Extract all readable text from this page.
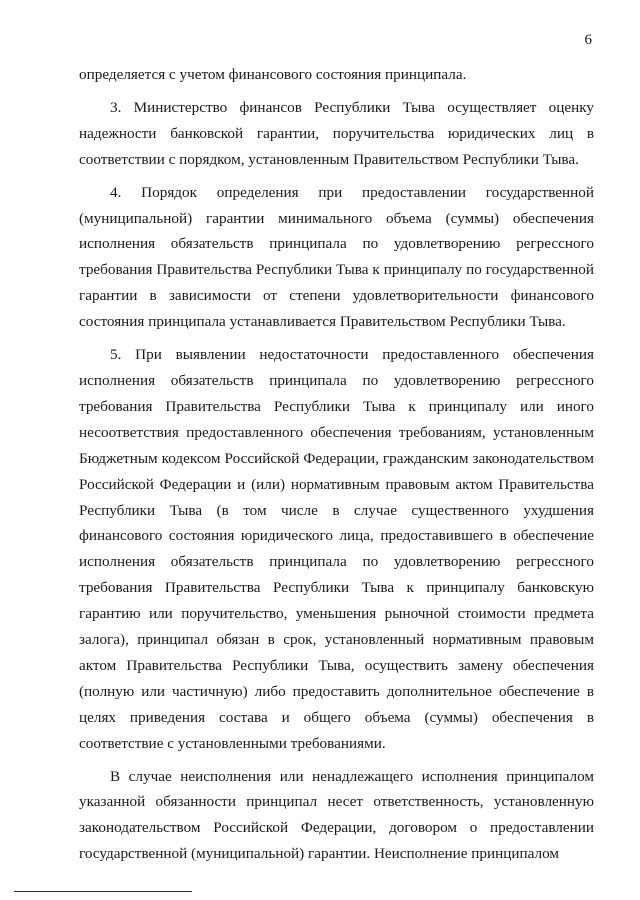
6

определяется с учетом финансового состояния принципала.

3. Министерство финансов Республики Тыва осуществляет оценку надежности банковской гарантии, поручительства юридических лиц в соответствии с порядком, установленным Правительством Республики Тыва.

4. Порядок определения при предоставлении государственной (муниципальной) гарантии минимального объема (суммы) обеспечения исполнения обязательств принципала по удовлетворению регрессного требования Правительства Республики Тыва к принципалу по государственной гарантии в зависимости от степени удовлетворительности финансового состояния принципала устанавливается Правительством Республики Тыва.

5. При выявлении недостаточности предоставленного обеспечения исполнения обязательств принципала по удовлетворению регрессного требования Правительства Республики Тыва к принципалу или иного несоответствия предоставленного обеспечения требованиям, установленным Бюджетным кодексом Российской Федерации, гражданским законодательством Российской Федерации и (или) нормативным правовым актом Правительства Республики Тыва (в том числе в случае существенного ухудшения финансового состояния юридического лица, предоставившего в обеспечение исполнения обязательств принципала по удовлетворению регрессного требования Правительства Республики Тыва к принципалу банковскую гарантию или поручительство, уменьшения рыночной стоимости предмета залога), принципал обязан в срок, установленный нормативным правовым актом Правительства Республики Тыва, осуществить замену обеспечения (полную или частичную) либо предоставить дополнительное обеспечение в целях приведения состава и общего объема (суммы) обеспечения в соответствие с установленными требованиями.

В случае неисполнения или ненадлежащего исполнения принципалом указанной обязанности принципал несет ответственность, установленную законодательством Российской Федерации, договором о предоставлении государственной (муниципальной) гарантии. Неисполнение принципалом
